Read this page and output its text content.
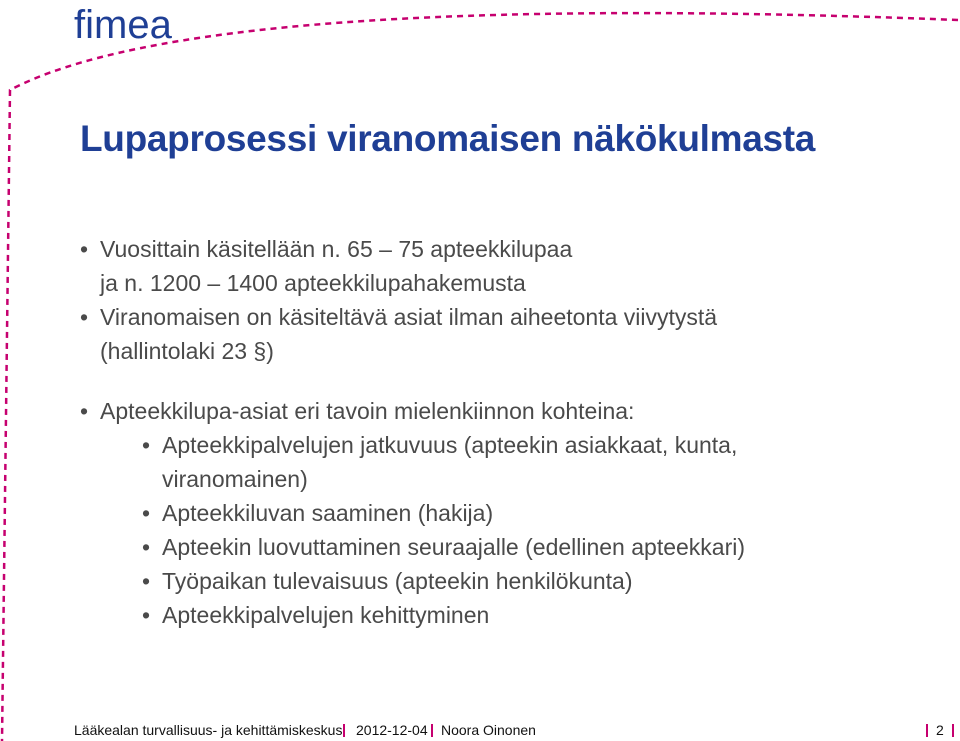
fimea
Lupaprosessi viranomaisen näkökulmasta
• Vuosittain käsitellään n. 65 – 75 apteekkilupaa
ja n. 1200 – 1400 apteekkilupahakemusta
• Viranomaisen on käsiteltävä asiat ilman aiheetonta viivytystä
(hallintolaki 23 §)
• Apteekkilupa-asiat eri tavoin mielenkiinnon kohteina:
• Apteekkipalvelujen jatkuvuus (apteekin asiakkaat, kunta,
viranomainen)
• Apteekkiluvan saaminen (hakija)
• Apteekin luovuttaminen seuraajalle (edellinen apteekkari)
• Työpaikan tulevaisuus (apteekin henkilökunta)
• Apteekkipalvelujen kehittyminen
Lääkealan turvallisuus- ja kehittämiskeskus 2012-12-04 Noora Oinonen	2
